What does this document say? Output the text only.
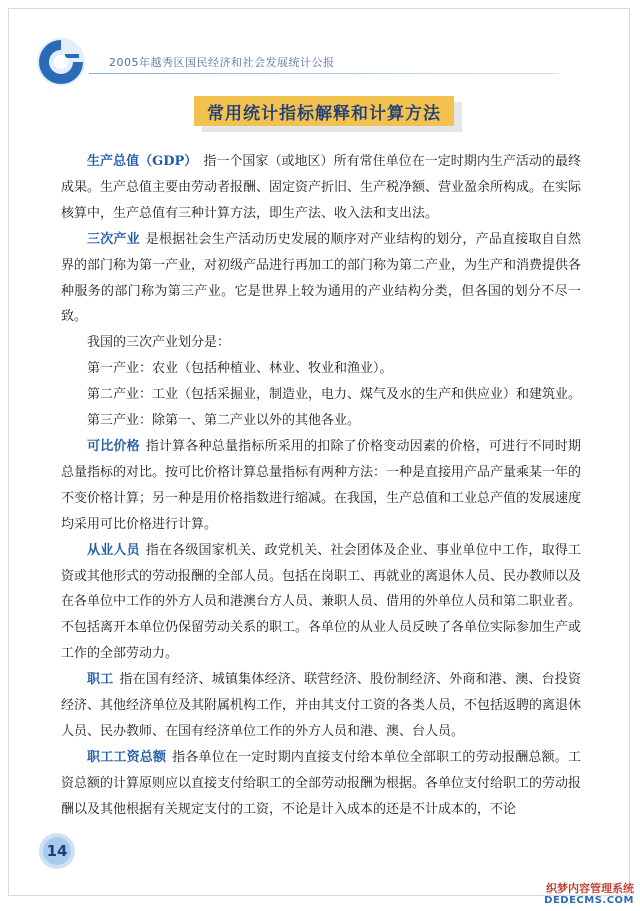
2005年越秀区国民经济和社会发展统计公报
常用统计指标解释和计算方法

生产总值（GDP） 指一个国家（或地区）所有常住单位在一定时期内生产活动的最终成果。生产总值主要由劳动者报酬、固定资产折旧、生产税净额、营业盈余所构成。在实际核算中，生产总值有三种计算方法，即生产法、收入法和支出法。

三次产业 是根据社会生产活动历史发展的顺序对产业结构的划分，产品直接取自自然界的部门称为第一产业，对初级产品进行再加工的部门称为第二产业，为生产和消费提供各种服务的部门称为第三产业。它是世界上较为通用的产业结构分类，但各国的划分不尽一致。

我国的三次产业划分是：

第一产业：农业（包括种植业、林业、牧业和渔业）。

第二产业：工业（包括采掘业，制造业，电力、煤气及水的生产和供应业）和建筑业。

第三产业：除第一、第二产业以外的其他各业。

可比价格 指计算各种总量指标所采用的扣除了价格变动因素的价格，可进行不同时期总量指标的对比。按可比价格计算总量指标有两种方法：一种是直接用产品产量乘某一年的不变价格计算；另一种是用价格指数进行缩减。在我国，生产总值和工业总产值的发展速度均采用可比价格进行计算。

从业人员 指在各级国家机关、政党机关、社会团体及企业、事业单位中工作，取得工资或其他形式的劳动报酬的全部人员。包括在岗职工、再就业的离退休人员、民办教师以及在各单位中工作的外方人员和港澳台方人员、兼职人员、借用的外单位人员和第二职业者。不包括离开本单位仍保留劳动关系的职工。各单位的从业人员反映了各单位实际参加生产或工作的全部劳动力。

职工 指在国有经济、城镇集体经济、联营经济、股份制经济、外商和港、澳、台投资经济、其他经济单位及其附属机构工作，并由其支付工资的各类人员，不包括返聘的离退休人员、民办教师、在国有经济单位工作的外方人员和港、澳、台人员。

职工工资总额 指各单位在一定时期内直接支付给本单位全部职工的劳动报酬总额。工资总额的计算原则应以直接支付给职工的全部劳动报酬为根据。各单位支付给职工的劳动报酬以及其他根据有关规定支付的工资，不论是计入成本的还是不计成本的，不论

14
织梦内容管理系统
DEDECMS.COM
